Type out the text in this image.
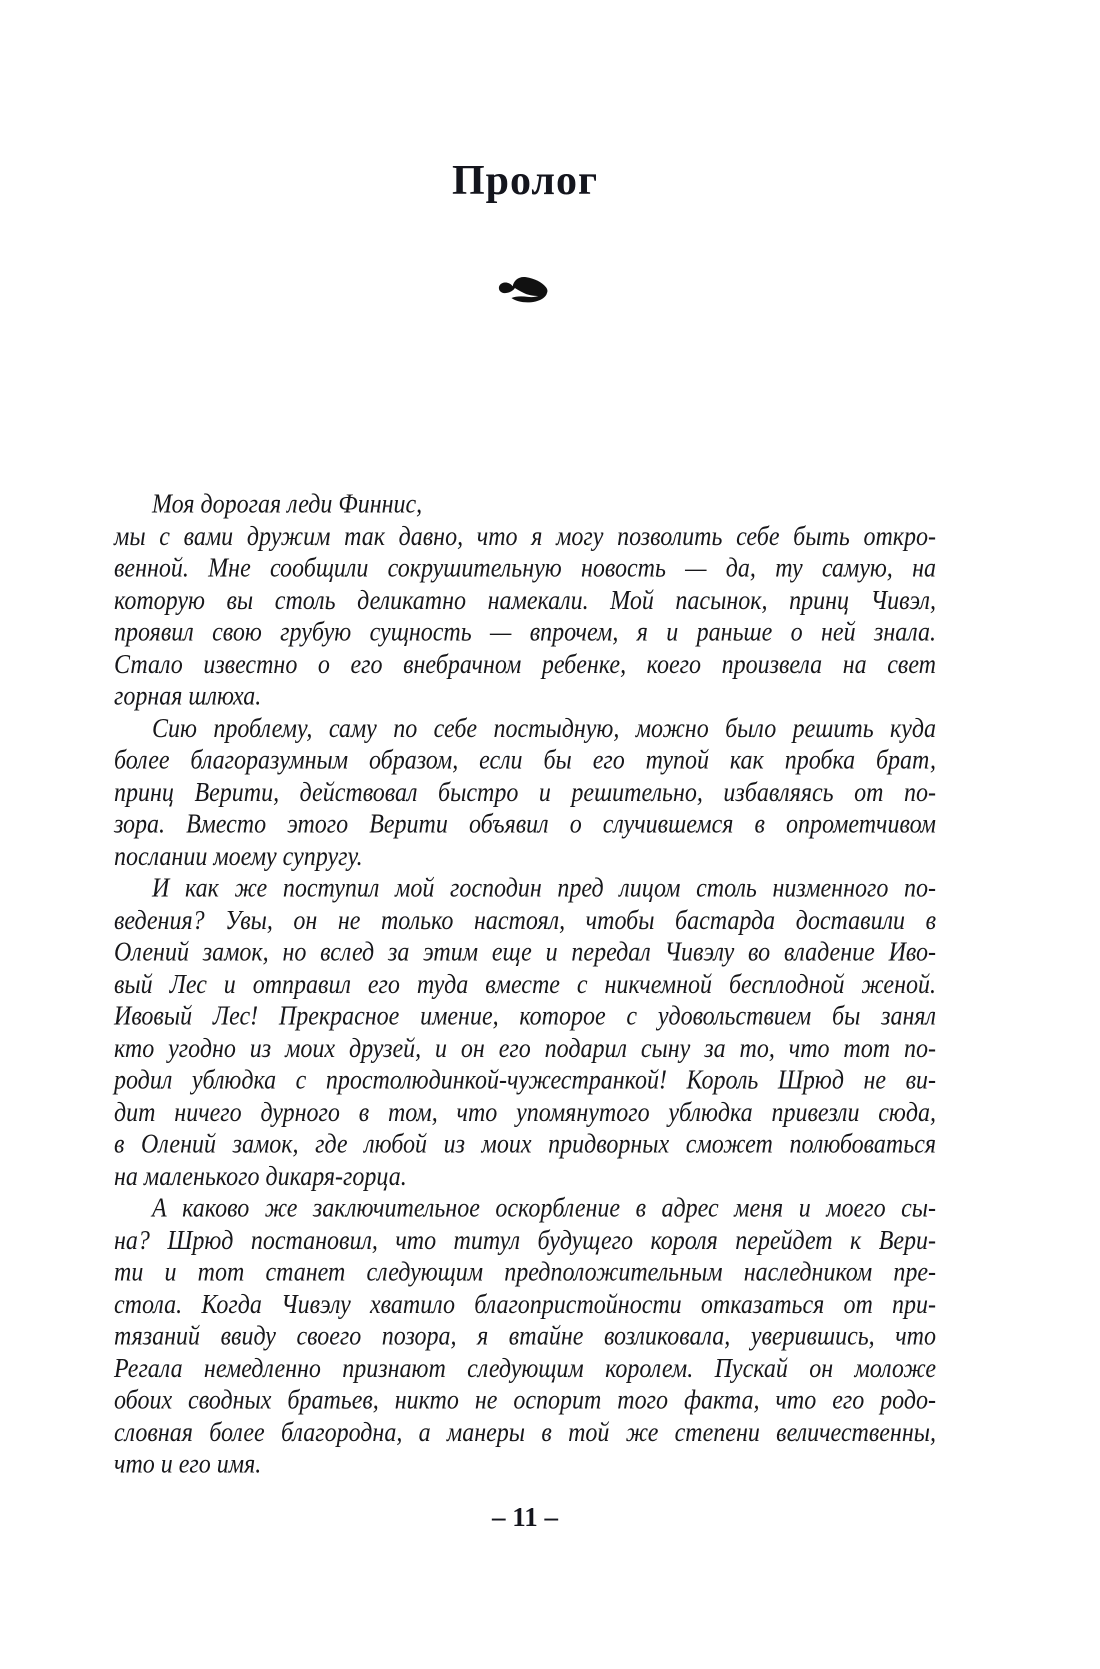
Пролог
Моя дорогая леди Финнис,
мы с вами дружим так давно, что я могу позволить себе быть откро-
венной. Мне сообщили сокрушительную новость — да, ту самую, на
которую вы столь деликатно намекали. Мой пасынок, принц Чивэл,
проявил свою грубую сущность — впрочем, я и раньше о ней знала.
Стало известно о его внебрачном ребенке, коего произвела на свет
горная шлюха.
Сию проблему, саму по себе постыдную, можно было решить куда
более благоразумным образом, если бы его тупой как пробка брат,
принц Верити, действовал быстро и решительно, избавляясь от по-
зора. Вместо этого Верити объявил о случившемся в опрометчивом
послании моему супругу.
И как же поступил мой господин пред лицом столь низменного по-
ведения? Увы, он не только настоял, чтобы бастарда доставили в
Олений замок, но вслед за этим еще и передал Чивэлу во владение Иво-
вый Лес и отправил его туда вместе с никчемной бесплодной женой.
Ивовый Лес! Прекрасное имение, которое с удовольствием бы занял
кто угодно из моих друзей, и он его подарил сыну за то, что тот по-
родил ублюдка с простолюдинкой-чужестранкой! Король Шрюд не ви-
дит ничего дурного в том, что упомянутого ублюдка привезли сюда,
в Олений замок, где любой из моих придворных сможет полюбоваться
на маленького дикаря-горца.
А каково же заключительное оскорбление в адрес меня и моего сы-
на? Шрюд постановил, что титул будущего короля перейдет к Вери-
ти и тот станет следующим предположительным наследником пре-
стола. Когда Чивэлу хватило благопристойности отказаться от при-
тязаний ввиду своего позора, я втайне возликовала, уверившись, что
Регала немедленно признают следующим королем. Пускай он моложе
обоих сводных братьев, никто не оспорит того факта, что его родо-
словная более благородна, а манеры в той же степени величественны,
что и его имя.
– 11 –
